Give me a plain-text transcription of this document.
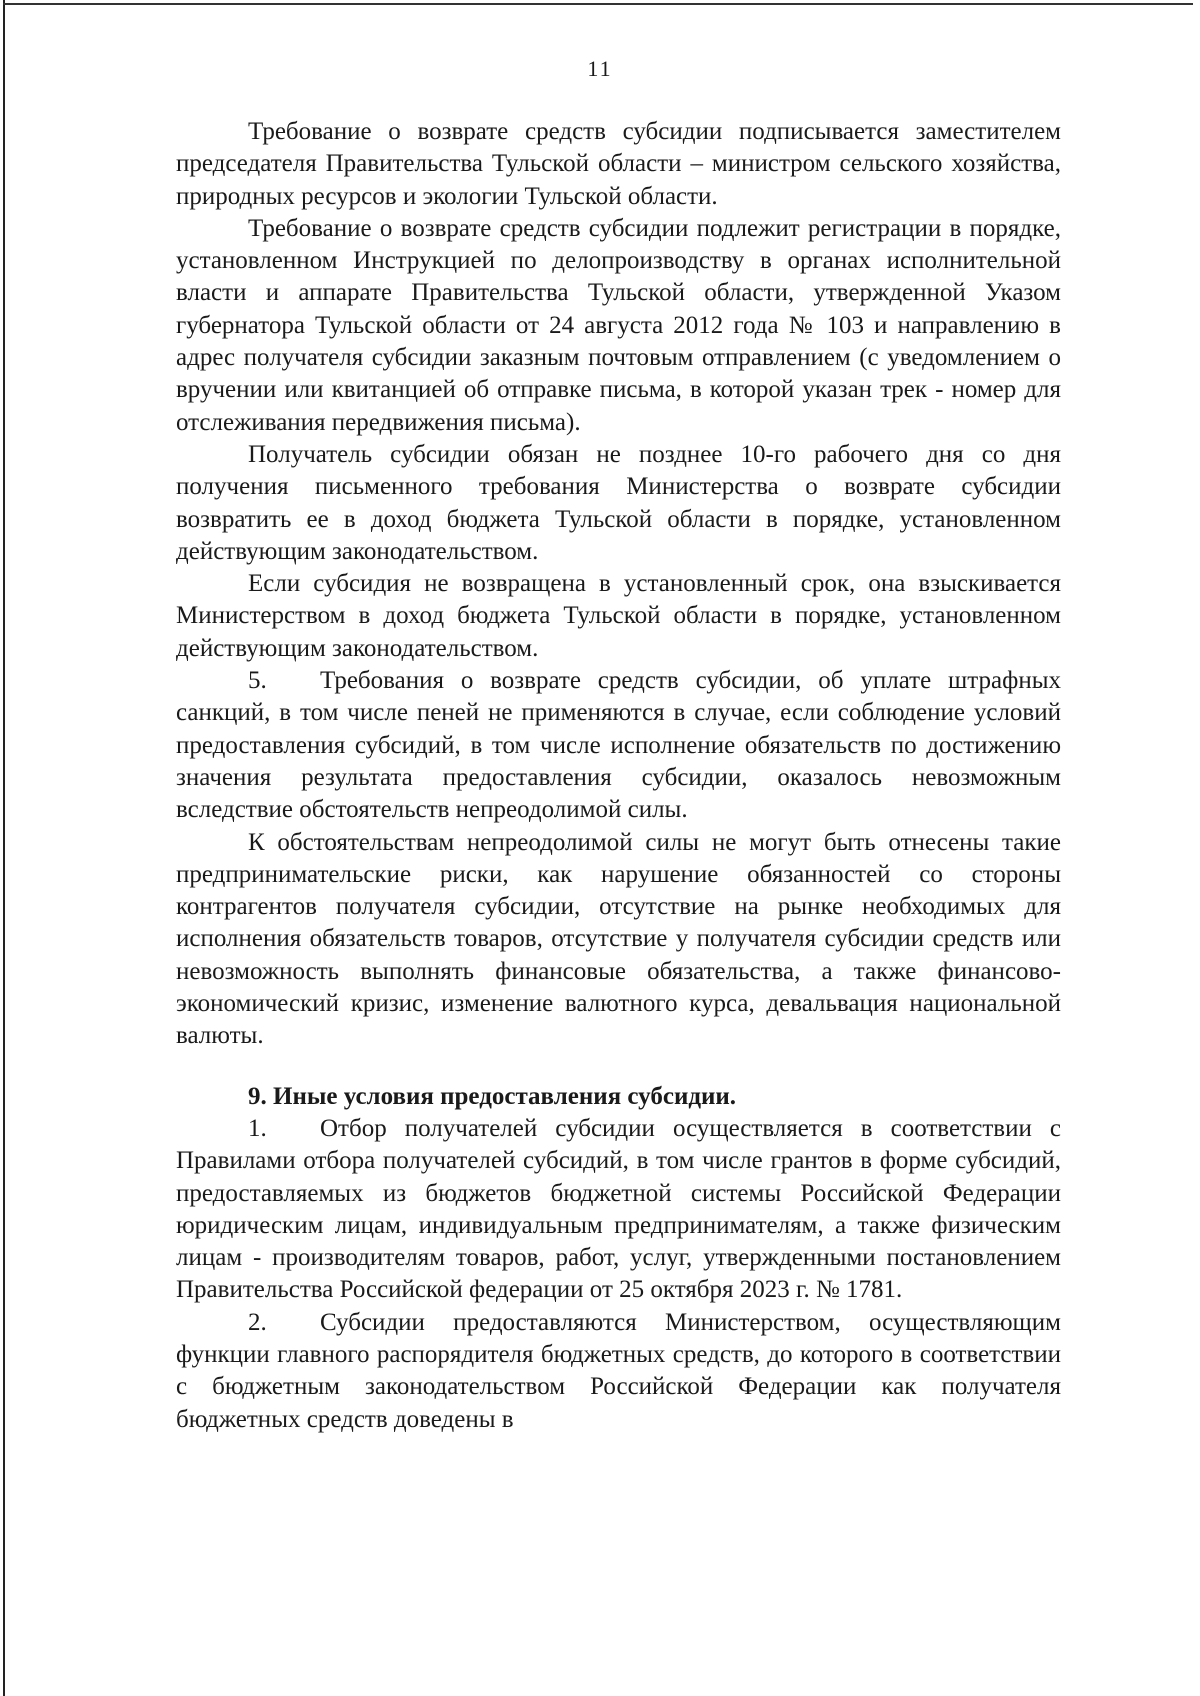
11

Требование о возврате средств субсидии подписывается заместителем председателя Правительства Тульской области – министром сельского хозяйства, природных ресурсов и экологии Тульской области.

Требование о возврате средств субсидии подлежит регистрации в порядке, установленном Инструкцией по делопроизводству в органах исполнительной власти и аппарате Правительства Тульской области, утвержденной Указом губернатора Тульской области от 24 августа 2012 года № 103 и направлению в адрес получателя субсидии заказным почтовым отправлением (с уведомлением о вручении или квитанцией об отправке письма, в которой указан трек - номер для отслеживания передвижения письма).

Получатель субсидии обязан не позднее 10-го рабочего дня со дня получения письменного требования Министерства о возврате субсидии возвратить ее в доход бюджета Тульской области в порядке, установленном действующим законодательством.

Если субсидия не возвращена в установленный срок, она взыскивается Министерством в доход бюджета Тульской области в порядке, установленном действующим законодательством.

5. Требования о возврате средств субсидии, об уплате штрафных санкций, в том числе пеней не применяются в случае, если соблюдение условий предоставления субсидий, в том числе исполнение обязательств по достижению значения результата предоставления субсидии, оказалось невозможным вследствие обстоятельств непреодолимой силы.

К обстоятельствам непреодолимой силы не могут быть отнесены такие предпринимательские риски, как нарушение обязанностей со стороны контрагентов получателя субсидии, отсутствие на рынке необходимых для исполнения обязательств товаров, отсутствие у получателя субсидии средств или невозможность выполнять финансовые обязательства, а также финансово-экономический кризис, изменение валютного курса, девальвация национальной валюты.

9. Иные условия предоставления субсидии.

1. Отбор получателей субсидии осуществляется в соответствии с Правилами отбора получателей субсидий, в том числе грантов в форме субсидий, предоставляемых из бюджетов бюджетной системы Российской Федерации юридическим лицам, индивидуальным предпринимателям, а также физическим лицам - производителям товаров, работ, услуг, утвержденными постановлением Правительства Российской федерации от 25 октября 2023 г. № 1781.

2. Субсидии предоставляются Министерством, осуществляющим функции главного распорядителя бюджетных средств, до которого в соответствии с бюджетным законодательством Российской Федерации как получателя бюджетных средств доведены в
